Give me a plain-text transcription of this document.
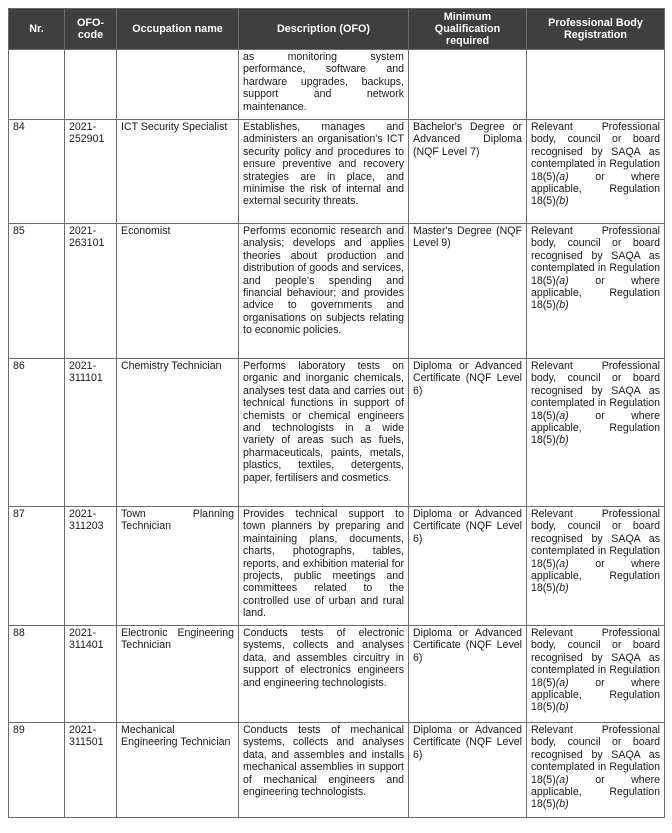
Nr.	OFO-code	Occupation name	Description (OFO)	Minimum Qualification required	Professional Body Registration
			as monitoring system performance, software and hardware upgrades, backups, support and network maintenance.		
84	2021-252901	ICT Security Specialist	Establishes, manages and administers an organisation's ICT security policy and procedures to ensure preventive and recovery strategies are in place, and minimise the risk of internal and external security threats.	Bachelor's Degree or Advanced Diploma (NQF Level 7)	Relevant Professional body, council or board recognised by SAQA as contemplated in Regulation 18(5)(a) or where applicable, Regulation 18(5)(b)
85	2021-263101	Economist	Performs economic research and analysis; develops and applies theories about production and distribution of goods and services, and people's spending and financial behaviour; and provides advice to governments and organisations on subjects relating to economic policies.	Master's Degree (NQF Level 9)	Relevant Professional body, council or board recognised by SAQA as contemplated in Regulation 18(5)(a) or where applicable, Regulation 18(5)(b)
86	2021-311101	Chemistry Technician	Performs laboratory tests on organic and inorganic chemicals, analyses test data and carries out technical functions in support of chemists or chemical engineers and technologists in a wide variety of areas such as fuels, pharmaceuticals, paints, metals, plastics, textiles, detergents, paper, fertilisers and cosmetics.	Diploma or Advanced Certificate (NQF Level 6)	Relevant Professional body, council or board recognised by SAQA as contemplated in Regulation 18(5)(a) or where applicable, Regulation 18(5)(b)
87	2021-311203	Town Planning Technician	Provides technical support to town planners by preparing and maintaining plans, documents, charts, photographs, tables, reports, and exhibition material for projects, public meetings and committees related to the controlled use of urban and rural land.	Diploma or Advanced Certificate (NQF Level 6)	Relevant Professional body, council or board recognised by SAQA as contemplated in Regulation 18(5)(a) or where applicable, Regulation 18(5)(b)
88	2021-311401	Electronic Engineering Technician	Conducts tests of electronic systems, collects and analyses data, and assembles circuitry in support of electronics engineers and engineering technologists.	Diploma or Advanced Certificate (NQF Level 6)	Relevant Professional body, council or board recognised by SAQA as contemplated in Regulation 18(5)(a) or where applicable, Regulation 18(5)(b)
89	2021-311501	Mechanical Engineering Technician	Conducts tests of mechanical systems, collects and analyses data, and assembles and installs mechanical assemblies in support of mechanical engineers and engineering technologists.	Diploma or Advanced Certificate (NQF Level 6)	Relevant Professional body, council or board recognised by SAQA as contemplated in Regulation 18(5)(a) or where applicable, Regulation 18(5)(b)
